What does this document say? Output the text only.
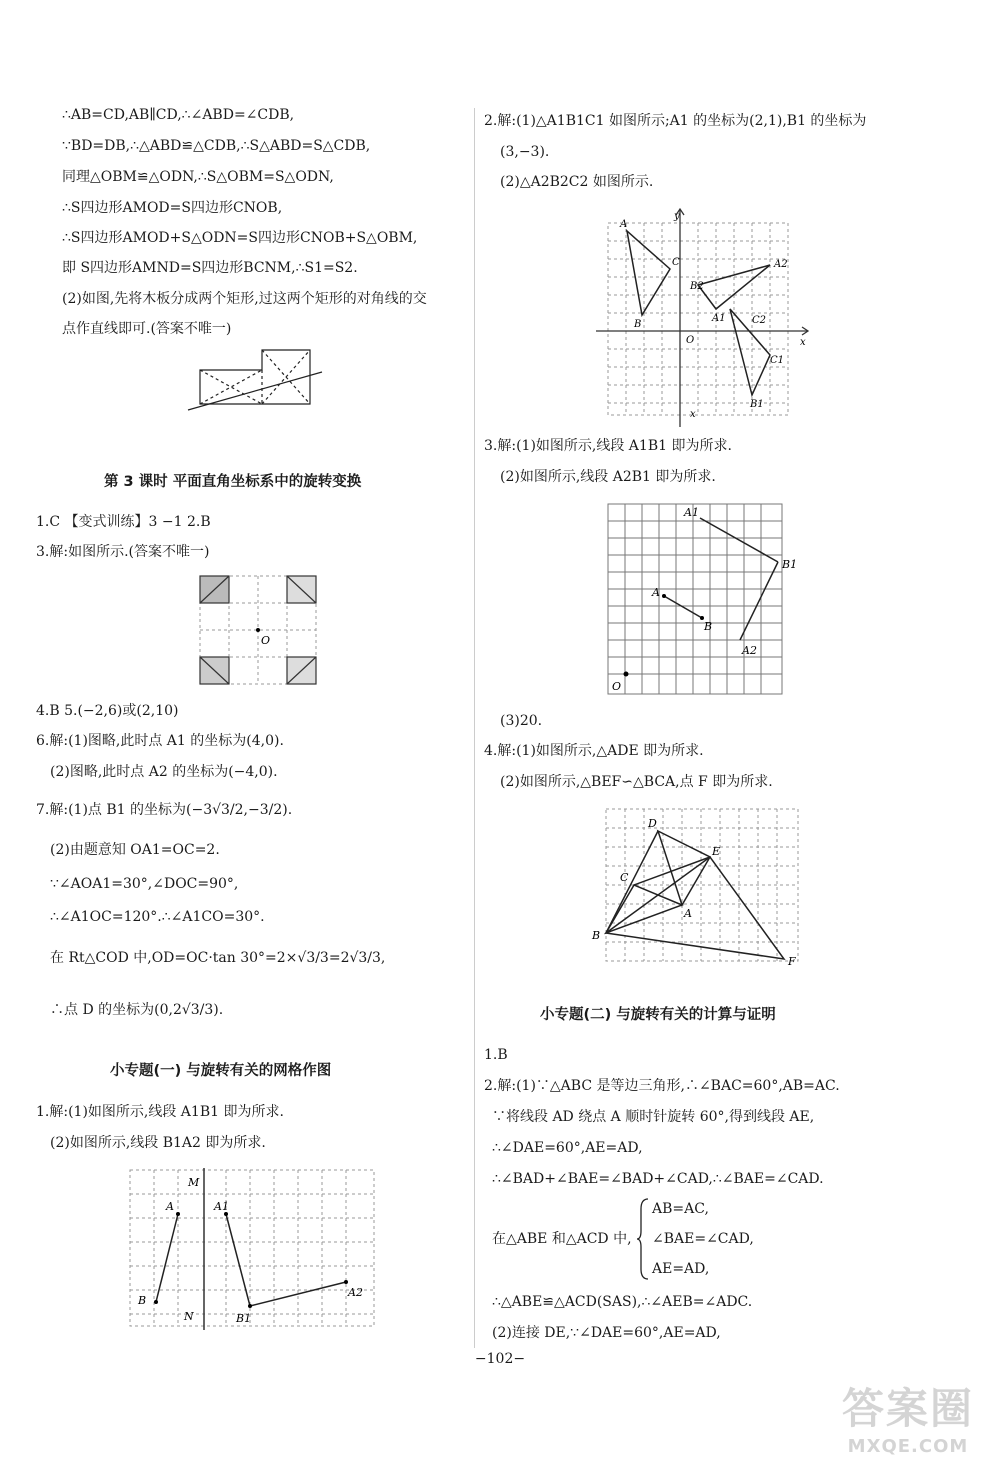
∴AB=CD,AB∥CD,∴∠ABD=∠CDB,
∵BD=DB,∴△ABD≌△CDB,∴S△ABD=S△CDB,
同理△OBM≌△ODN,∴S△OBM=S△ODN,
∴S四边形AMOD=S四边形CNOB,
∴S四边形AMOD+S△ODN=S四边形CNOB+S△OBM,
即 S四边形AMND=S四边形BCNM,∴S1=S2.
(2)如图,先将木板分成两个矩形,过这两个矩形的对角线的交
点作直线即可.(答案不唯一)
1.C 【变式训练】3 −1 2.B
3.解:如图所示.(答案不唯一)
4.B 5.(−2,6)或(2,10)
6.解:(1)图略,此时点 A1 的坐标为(4,0).
(2)图略,此时点 A2 的坐标为(−4,0).
7.解:(1)点 B1 的坐标为(−3√3/2,−3/2).
(2)由题意知 OA1=OC=2.
∵∠AOA1=30°,∠DOC=90°,
∴∠A1OC=120°.∴∠A1CO=30°.
在 Rt△COD 中,OD=OC·tan 30°=2×√3/3=2√3/3,
∴点 D 的坐标为(0,2√3/3).
1.解:(1)如图所示,线段 A1B1 即为所求.
(2)如图所示,线段 B1A2 即为所求.
2.解:(1)△A1B1C1 如图所示;A1 的坐标为(2,1),B1 的坐标为
(3,−3).
(2)△A2B2C2 如图所示.
3.解:(1)如图所示,线段 A1B1 即为所求.
(2)如图所示,线段 A2B1 即为所求.
(3)20.
4.解:(1)如图所示,△ADE 即为所求.
(2)如图所示,△BEF∽△BCA,点 F 即为所求.
1.B
2.解:(1)∵△ABC 是等边三角形,∴∠BAC=60°,AB=AC.
∵将线段 AD 绕点 A 顺时针旋转 60°,得到线段 AE,
∴∠DAE=60°,AE=AD,
∴∠BAD+∠BAE=∠BAD+∠CAD,∴∠BAE=∠CAD.
AB=AC,
在△ABE 和△ACD 中, ∠BAE=∠CAD,
AE=AD,
∴△ABE≌△ACD(SAS),∴∠AEB=∠ADC.
(2)连接 DE,∵∠DAE=60°,AE=AD,
第 3 课时 平面直角坐标系中的旋转变换
小专题(一) 与旋转有关的网格作图
小专题(二) 与旋转有关的计算与证明
O
A
B
A1
B1
A2
M
N
x
x
y
O
A
B
C
A1
B1
C1
A2
B2
C2
A
B
A1
B1
A2
O
D
E
C
A
B
F
−102−
答案圈
MXQE.COM
